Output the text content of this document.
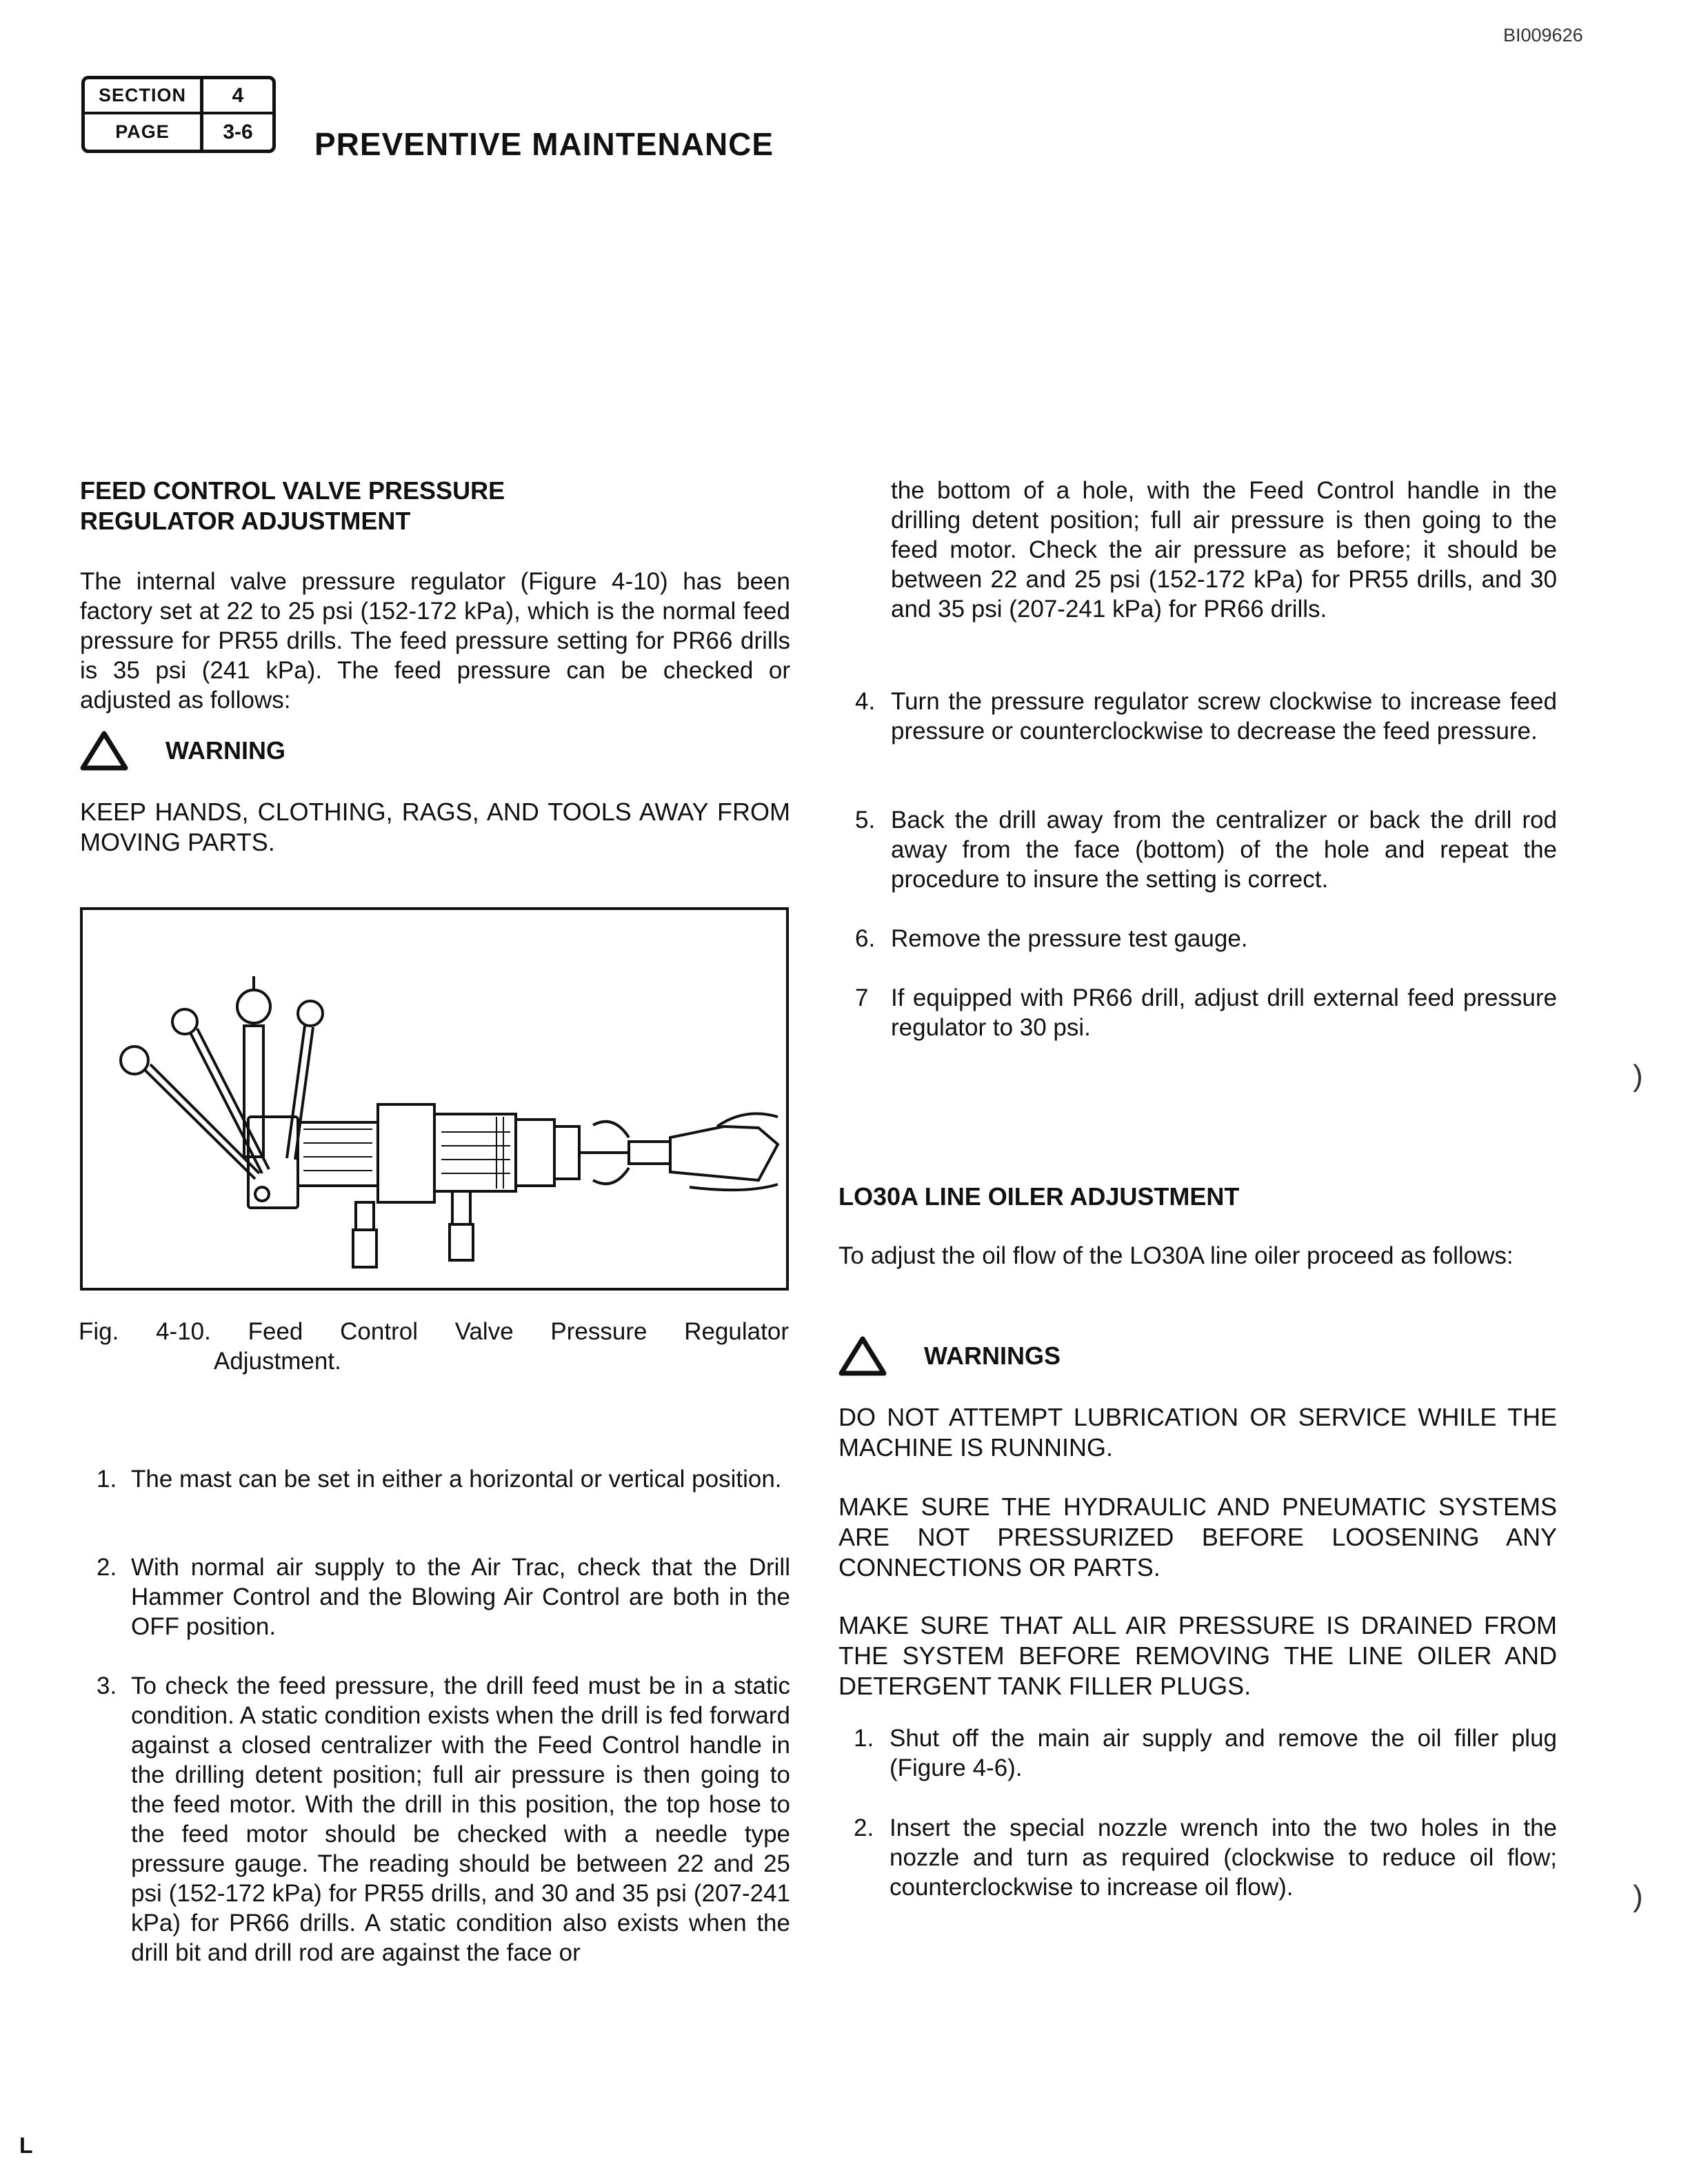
BI009626
SECTION	4
PAGE	3-6	PREVENTIVE MAINTENANCE
FEED CONTROL VALVE PRESSURE
REGULATOR ADJUSTMENT
The internal valve pressure regulator (Figure 4-10) has been factory set at 22 to 25 psi (152-172 kPa), which is the normal feed pressure for PR55 drills. The feed pressure setting for PR66 drills is 35 psi (241 kPa). The feed pressure can be checked or adjusted as follows:
WARNING
KEEP HANDS, CLOTHING, RAGS, AND TOOLS AWAY FROM MOVING PARTS.
Fig. 4-10. Feed Control Valve Pressure Regulator
Adjustment.
1. The mast can be set in either a horizontal or vertical position.
2. With normal air supply to the Air Trac, check that the Drill Hammer Control and the Blowing Air Control are both in the OFF position.
3. To check the feed pressure, the drill feed must be in a static condition. A static condition exists when the drill is fed forward against a closed centralizer with the Feed Control handle in the drilling detent position; full air pressure is then going to the feed motor. With the drill in this position, the top hose to the feed motor should be checked with a needle type pressure gauge. The reading should be between 22 and 25 psi (152-172 kPa) for PR55 drills, and 30 and 35 psi (207-241 kPa) for PR66 drills. A static condition also exists when the drill bit and drill rod are against the face or
the bottom of a hole, with the Feed Control handle in the drilling detent position; full air pressure is then going to the feed motor. Check the air pressure as before; it should be between 22 and 25 psi (152-172 kPa) for PR55 drills, and 30 and 35 psi (207-241 kPa) for PR66 drills.
4. Turn the pressure regulator screw clockwise to increase feed pressure or counterclockwise to decrease the feed pressure.
5. Back the drill away from the centralizer or back the drill rod away from the face (bottom) of the hole and repeat the procedure to insure the setting is correct.
6. Remove the pressure test gauge.
7 If equipped with PR66 drill, adjust drill external feed pressure regulator to 30 psi.
LO30A LINE OILER ADJUSTMENT
To adjust the oil flow of the LO30A line oiler proceed as follows:
WARNINGS
DO NOT ATTEMPT LUBRICATION OR SERVICE WHILE THE MACHINE IS RUNNING.
MAKE SURE THE HYDRAULIC AND PNEUMATIC SYSTEMS ARE NOT PRESSURIZED BEFORE LOOSENING ANY CONNECTIONS OR PARTS.
MAKE SURE THAT ALL AIR PRESSURE IS DRAINED FROM THE SYSTEM BEFORE REMOVING THE LINE OILER AND DETERGENT TANK FILLER PLUGS.
1. Shut off the main air supply and remove the oil filler plug (Figure 4-6).
2. Insert the special nozzle wrench into the two holes in the nozzle and turn as required (clockwise to reduce oil flow; counterclockwise to increase oil flow).
)
)
L
